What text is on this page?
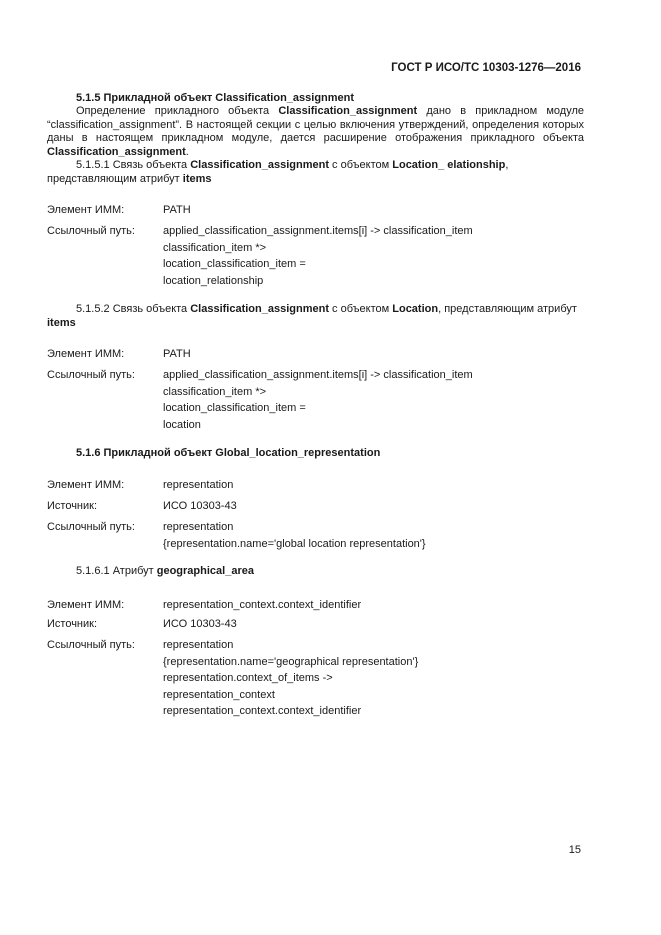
ГОСТ Р ИСО/ТС 10303-1276—2016

5.1.5 Прикладной объект Classification_assignment

Определение прикладного объекта Classification_assignment дано в прикладном модуле “classification_assignment”. В настоящей секции с целью включения утверждений, определения которых даны в настоящем прикладном модуле, дается расширение отображения прикладного объекта Classification_assignment.

5.1.5.1 Связь объекта Classification_assignment с объектом Location_ elationship, представляющим атрибут items

Элемент ИММ:	PATH
Ссылочный путь:	applied_classification_assignment.items[i] -> classification_item
classification_item *>
location_classification_item =
location_relationship

5.1.5.2 Связь объекта Classification_assignment с объектом Location, представляющим атрибут items

Элемент ИММ:	PATH
Ссылочный путь:	applied_classification_assignment.items[i] -> classification_item
classification_item *>
location_classification_item =
location

5.1.6 Прикладной объект Global_location_representation

Элемент ИММ:	representation
Источник:	ИСО 10303-43
Ссылочный путь:	representation
{representation.name='global location representation'}

5.1.6.1 Атрибут geographical_area

Элемент ИММ:	representation_context.context_identifier
Источник:	ИСО 10303-43
Ссылочный путь:	representation
{representation.name='geographical representation'}
representation.context_of_items ->
representation_context
representation_context.context_identifier
15
